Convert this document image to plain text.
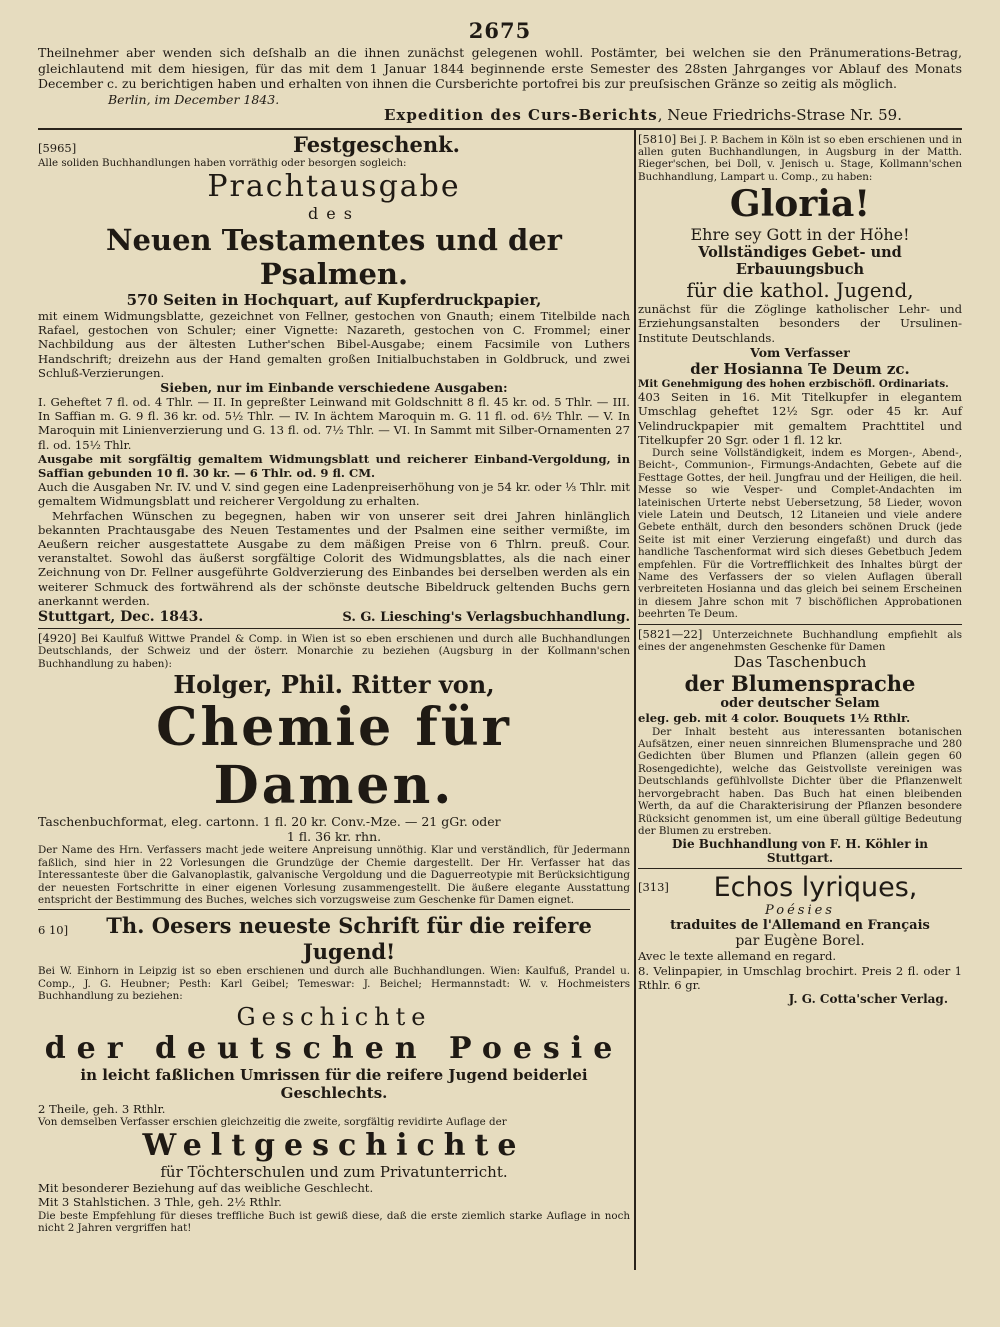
2675
Theilnehmer aber wenden sich deſshalb an die ihnen zunächst gelegenen wohll. Postämter, bei welchen sie den Pränumerations-Betrag, gleichlautend mit dem hiesigen, für das mit dem 1 Januar 1844 beginnende erste Semester des 28sten Jahrganges vor Ablauf des Monats December c. zu berichtigen haben und erhalten von ihnen die Cursberichte portofrei bis zur preuſsischen Gränze so zeitig als möglich.
Berlin, im December 1843.
Expedition des Curs-Berichts, Neue Friedrichs-Strase Nr. 59.
[5965]	Festgeschenk.
Alle soliden Buchhandlungen haben vorräthig oder besorgen sogleich:
Prachtausgabe
des
Neuen Testamentes und der Psalmen.
570 Seiten in Hochquart, auf Kupferdruckpapier,
mit einem Widmungsblatte, gezeichnet von Fellner, gestochen von Gnauth; einem Titelbilde nach Rafael, gestochen von Schuler; einer Vignette: Nazareth, gestochen von C. Frommel; einer Nachbildung aus der ältesten Luther'schen Bibel-Ausgabe; einem Facsimile von Luthers Handschrift; dreizehn aus der Hand gemalten großen Initialbuchstaben in Goldbruck, und zwei Schluß-Verzierungen.
Sieben, nur im Einbande verschiedene Ausgaben:
I. Geheftet 7 fl. od. 4 Thlr. — II. In gepreßter Leinwand mit Goldschnitt 8 fl. 45 kr. od. 5 Thlr. — III. In Saffian m. G. 9 fl. 36 kr. od. 5½ Thlr. — IV. In ächtem Maroquin m. G. 11 fl. od. 6½ Thlr. — V. In Maroquin mit Linienverzierung und G. 13 fl. od. 7½ Thlr. — VI. In Sammt mit Silber-Ornamenten 27 fl. od. 15½ Thlr.
Ausgabe mit sorgfältig gemaltem Widmungsblatt und reicherer Einband-Vergoldung, in Saffian gebunden 10 fl. 30 kr. — 6 Thlr. od. 9 fl. CM.
Auch die Ausgaben Nr. IV. und V. sind gegen eine Ladenpreiserhöhung von je 54 kr. oder ⅓ Thlr. mit gemaltem Widmungsblatt und reicherer Vergoldung zu erhalten.
Mehrfachen Wünschen zu begegnen, haben wir von unserer seit drei Jahren hinlänglich bekannten Prachtausgabe des Neuen Testamentes und der Psalmen eine seither vermißte, im Aeußern reicher ausgestattete Ausgabe zu dem mäßigen Preise von 6 Thlrn. preuß. Cour. veranstaltet. Sowohl das äußerst sorgfältige Colorit des Widmungsblattes, als die nach einer Zeichnung von Dr. Fellner ausgeführte Goldverzierung des Einbandes bei derselben werden als ein weiterer Schmuck des fortwährend als der schönste deutsche Bibeldruck geltenden Buchs gern anerkannt werden.
Stuttgart, Dec. 1843.	S. G. Liesching's Verlagsbuchhandlung.
[4920] Bei Kaulfuß Wittwe Prandel & Comp. in Wien ist so eben erschienen und durch alle Buchhandlungen Deutschlands, der Schweiz und der österr. Monarchie zu beziehen (Augsburg in der Kollmann'schen Buchhandlung zu haben):
Holger, Phil. Ritter von,
Chemie für Damen.
Taschenbuchformat, eleg. cartonn. 1 fl. 20 kr. Conv.-Mze. — 21 gGr. oder
1 fl. 36 kr. rhn.
Der Name des Hrn. Verfassers macht jede weitere Anpreisung unnöthig. Klar und verständlich, für Jedermann faßlich, sind hier in 22 Vorlesungen die Grundzüge der Chemie dargestellt. Der Hr. Verfasser hat das Interessanteste über die Galvanoplastik, galvanische Vergoldung und die Daguerreotypie mit Berücksichtigung der neuesten Fortschritte in einer eigenen Vorlesung zusammengestellt. Die äußere elegante Ausstattung entspricht der Bestimmung des Buches, welches sich vorzugsweise zum Geschenke für Damen eignet.
6 10] Th. Oesers neueste Schrift für die reifere Jugend!
Bei W. Einhorn in Leipzig ist so eben erschienen und durch alle Buchhandlungen. Wien: Kaulfuß, Prandel u. Comp., J. G. Heubner; Pesth: Karl Geibel; Temeswar: J. Beichel; Hermannstadt: W. v. Hochmeisters Buchhandlung zu beziehen:
Geschichte
der deutschen Poesie
in leicht faßlichen Umrissen für die reifere Jugend beiderlei Geschlechts.
2 Theile, geh. 3 Rthlr.
Von demselben Verfasser erschien gleichzeitig die zweite, sorgfältig revidirte Auflage der
Weltgeschichte
für Töchterschulen und zum Privatunterricht.
Mit besonderer Beziehung auf das weibliche Geschlecht.
Mit 3 Stahlstichen. 3 Thle, geh. 2½ Rthlr.
Die beste Empfehlung für dieses treffliche Buch ist gewiß diese, daß die erste ziemlich starke Auflage in noch nicht 2 Jahren vergriffen hat!
[5810] Bei J. P. Bachem in Köln ist so eben erschienen und in allen guten Buchhandlungen, in Augsburg in der Matth. Rieger'schen, bei Doll, v. Jenisch u. Stage, Kollmann'schen Buchhandlung, Lampart u. Comp., zu haben:
Gloria!
Ehre sey Gott in der Höhe!
Vollständiges Gebet- und Erbauungsbuch
für die kathol. Jugend,
zunächst für die Zöglinge katholischer Lehr- und Erziehungsanstalten besonders der Ursulinen-Institute Deutschlands.
Vom Verfasser
der Hosianna Te Deum zc.
Mit Genehmigung des hohen erzbischöfl. Ordinariats.
403 Seiten in 16. Mit Titelkupfer in elegantem Umschlag geheftet 12½ Sgr. oder 45 kr. Auf Velindruckpapier mit gemaltem Prachttitel und Titelkupfer 20 Sgr. oder 1 fl. 12 kr.
Durch seine Vollständigkeit, indem es Morgen-, Abend-, Beicht-, Communion-, Firmungs-Andachten, Gebete auf die Festtage Gottes, der heil. Jungfrau und der Heiligen, die heil. Messe so wie Vesper- und Complet-Andachten im lateinischen Urterte nebst Uebersetzung, 58 Lieder, wovon viele Latein und Deutsch, 12 Litaneien und viele andere Gebete enthält, durch den besonders schönen Druck (jede Seite ist mit einer Verzierung eingefaßt) und durch das handliche Taschenformat wird sich dieses Gebetbuch Jedem empfehlen. Für die Vortrefflichkeit des Inhaltes bürgt der Name des Verfassers der so vielen Auflagen überall verbreiteten Hosianna und das gleich bei seinem Erscheinen in diesem Jahre schon mit 7 bischöflichen Approbationen beehrten Te Deum.
[5821—22] Unterzeichnete Buchhandlung empfiehlt als eines der angenehmsten Geschenke für Damen
Das Taschenbuch
der Blumensprache
oder deutscher Selam
eleg. geb. mit 4 color. Bouquets 1½ Rthlr.
Der Inhalt besteht aus interessanten botanischen Aufsätzen, einer neuen sinnreichen Blumensprache und 280 Gedichten über Blumen und Pflanzen (allein gegen 60 Rosengedichte), welche das Geistvollste vereinigen was Deutschlands gefühlvollste Dichter über die Pflanzenwelt hervorgebracht haben. Das Buch hat einen bleibenden Werth, da auf die Charakterisirung der Pflanzen besondere Rücksicht genommen ist, um eine überall gültige Bedeutung der Blumen zu erstreben.
Die Buchhandlung von F. H. Köhler in Stuttgart.
[313] Echos lyriques,
Poésies
traduites de l'Allemand en Français
par Eugène Borel.
Avec le texte allemand en regard.
8. Velinpapier, in Umschlag brochirt. Preis 2 fl. oder 1 Rthlr. 6 gr.
J. G. Cotta'scher Verlag.
